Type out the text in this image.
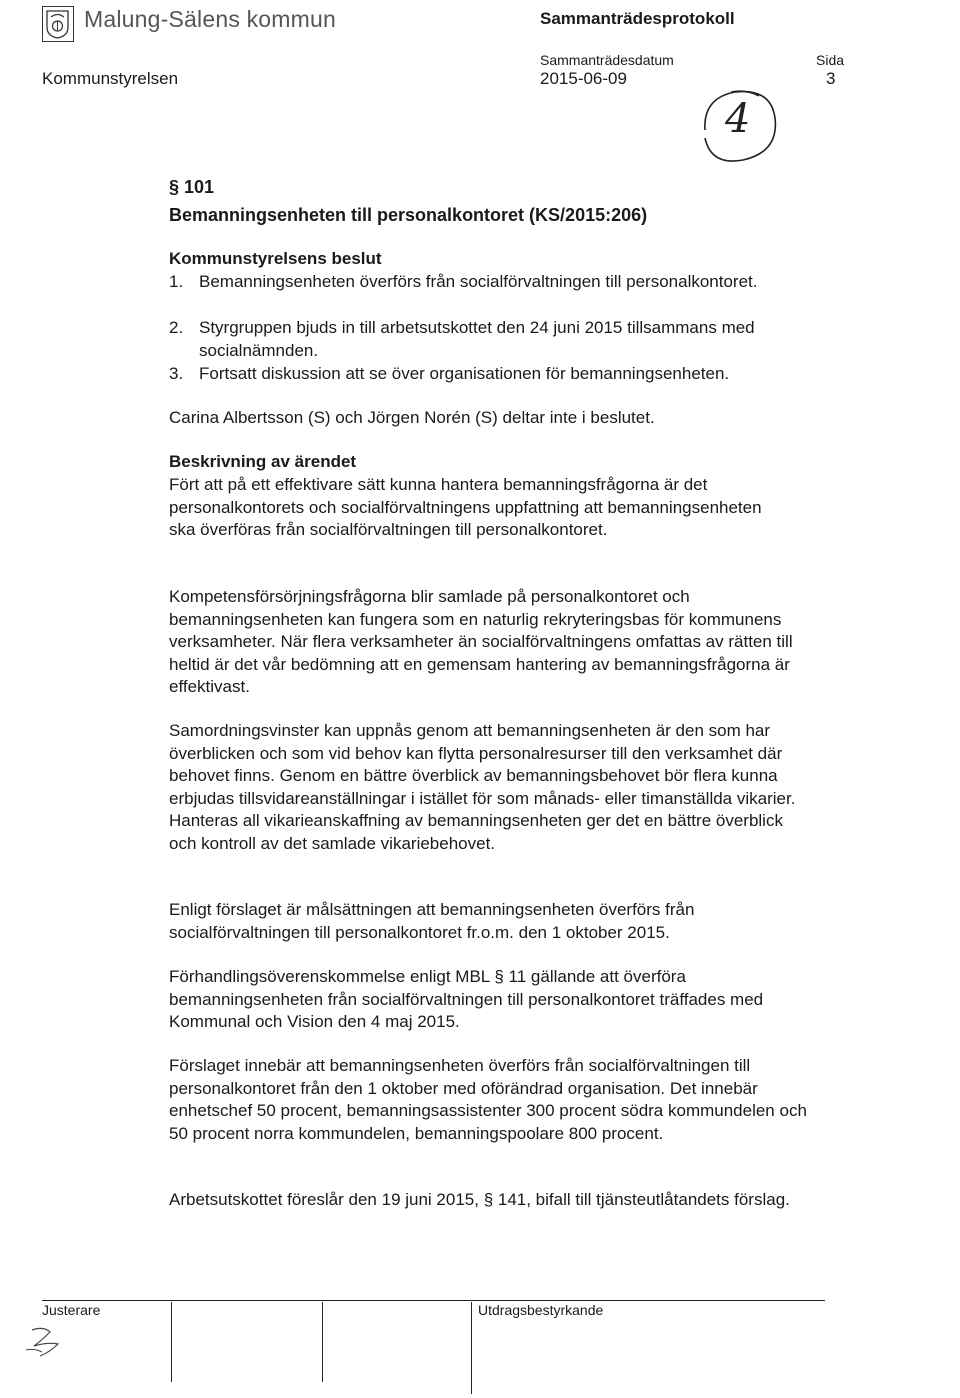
Malung-Sälens kommun	Sammanträdesprotokoll
Kommunstyrelsen
Sammanträdesdatum
2015-06-09
Sida
3
4
§ 101
Bemanningsenheten till personalkontoret (KS/2015:206)
Kommunstyrelsens beslut
1. Bemanningsenheten överförs från socialförvaltningen till personalkontoret.
2. Styrgruppen bjuds in till arbetsutskottet den 24 juni 2015 tillsammans med socialnämnden.
3. Fortsatt diskussion att se över organisationen för bemanningsenheten.
Carina Albertsson (S) och Jörgen Norén (S) deltar inte i beslutet.
Beskrivning av ärendet
Fört att på ett effektivare sätt kunna hantera bemanningsfrågorna är det personalkontorets och socialförvaltningens uppfattning att bemanningsenheten ska överföras från socialförvaltningen till personalkontoret.
Kompetensförsörjningsfrågorna blir samlade på personalkontoret och bemanningsenheten kan fungera som en naturlig rekryteringsbas för kommunens verksamheter. När flera verksamheter än socialförvaltningens omfattas av rätten till heltid är det vår bedömning att en gemensam hantering av bemanningsfrågorna är effektivast.
Samordningsvinster kan uppnås genom att bemanningsenheten är den som har överblicken och som vid behov kan flytta personalresurser till den verksamhet där behovet finns. Genom en bättre överblick av bemanningsbehovet bör flera kunna erbjudas tillsvidareanställningar i istället för som månads- eller timanställda vikarier. Hanteras all vikarieanskaffning av bemanningsenheten ger det en bättre överblick och kontroll av det samlade vikariebehovet.
Enligt förslaget är målsättningen att bemanningsenheten överförs från socialförvaltningen till personalkontoret fr.o.m. den 1 oktober 2015.
Förhandlingsöverenskommelse enligt MBL § 11 gällande att överföra bemanningsenheten från socialförvaltningen till personalkontoret träffades med Kommunal och Vision den 4 maj 2015.
Förslaget innebär att bemanningsenheten överförs från socialförvaltningen till personalkontoret från den 1 oktober med oförändrad organisation. Det innebär enhetschef 50 procent, bemanningsassistenter 300 procent södra kommundelen och 50 procent norra kommundelen, bemanningspoolare 800 procent.
Arbetsutskottet föreslår den 19 juni 2015, § 141, bifall till tjänsteutlåtandets förslag.
Justerare	Utdragsbestyrkande
